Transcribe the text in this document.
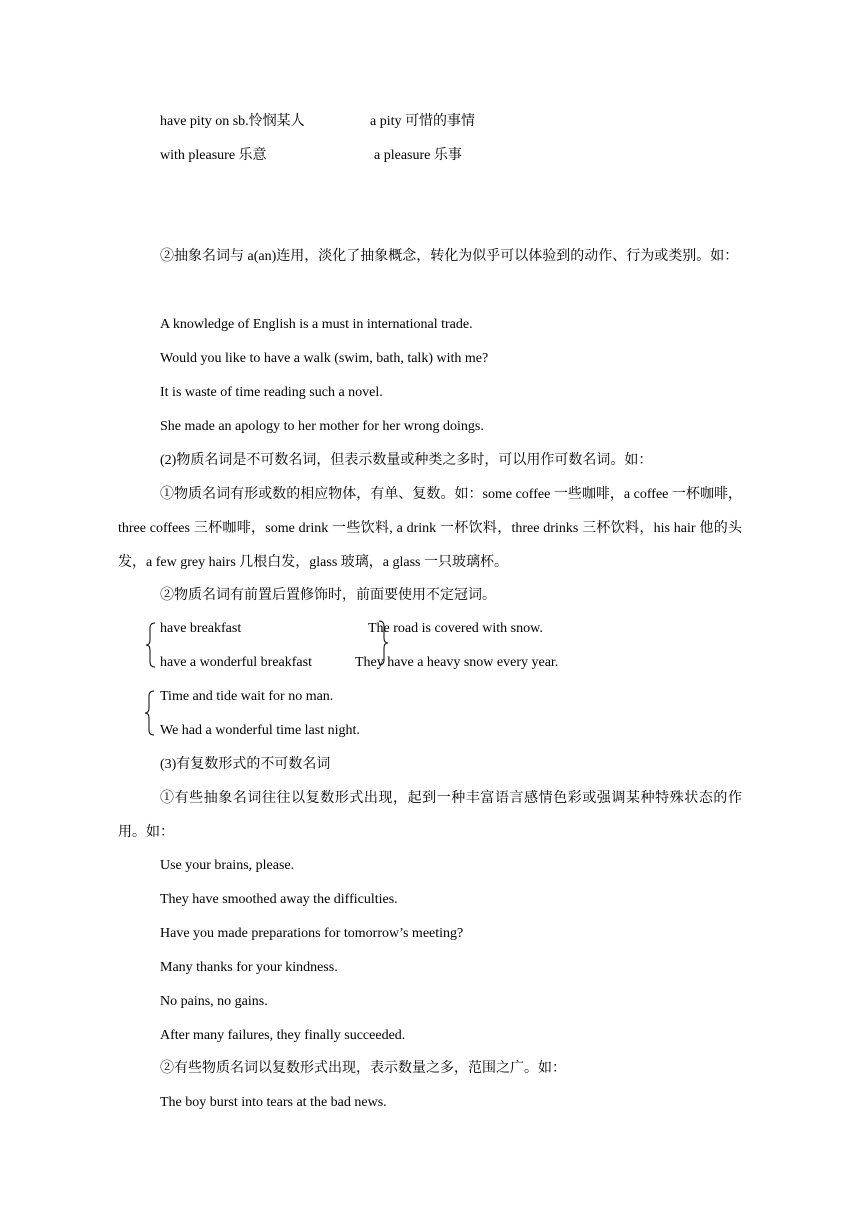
have pity on sb.怜悯某人	a pity 可惜的事情
with pleasure 乐意	a pleasure 乐事
②抽象名词与 a(an)连用，淡化了抽象概念，转化为似乎可以体验到的动作、行为或类别。如：
A knowledge of English is a must in international trade.
Would you like to have a walk (swim, bath, talk) with me?
It is waste of time reading such a novel.
She made an apology to her mother for her wrong doings.
(2)物质名词是不可数名词，但表示数量或种类之多时，可以用作可数名词。如：
①物质名词有形或数的相应物体，有单、复数。如：some coffee 一些咖啡，a coffee 一杯咖啡，three coffees 三杯咖啡，some drink 一些饮料, a drink 一杯饮料，three drinks 三杯饮料，his hair 他的头发，a few grey hairs 几根白发，glass 玻璃，a glass 一只玻璃杯。
②物质名词有前置后置修饰时，前面要使用不定冠词。
have breakfast
have a wonderful breakfast
The road is covered with snow.
They have a heavy snow every year.
Time and tide wait for no man.
We had a wonderful time last night.
(3)有复数形式的不可数名词
①有些抽象名词往往以复数形式出现，起到一种丰富语言感情色彩或强调某种特殊状态的作用。如：
Use your brains, please.
They have smoothed away the difficulties.
Have you made preparations for tomorrow’s meeting?
Many thanks for your kindness.
No pains, no gains.
After many failures, they finally succeeded.
②有些物质名词以复数形式出现，表示数量之多，范围之广。如：
The boy burst into tears at the bad news.
